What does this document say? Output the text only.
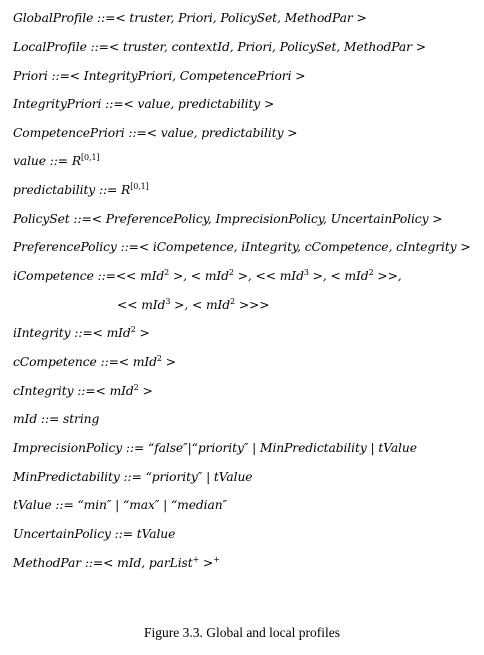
GlobalProfile ::=< truster, Priori, PolicySet, MethodPar >
LocalProfile ::=< truster, contextId, Priori, PolicySet, MethodPar >
Priori ::=< IntegrityPriori, CompetencePriori >
IntegrityPriori ::=< value, predictability >
CompetencePriori ::=< value, predictability >
value ::= R[0,1]
predictability ::= R[0,1]
PolicySet ::=< PreferencePolicy, ImprecisionPolicy, UncertainPolicy >
PreferencePolicy ::=< iCompetence, iIntegrity, cCompetence, cIntegrity >
iCompetence ::=<< mId$^2$ >, < mId$^2$ >, << mId$^3$ >, < mId$^2$ >>,
<< mId$^3$ >, < mId$^2$ >>>
iIntegrity ::=< mId$^2$ >
cCompetence ::=< mId$^2$ >
cIntegrity ::=< mId$^2$ >
mId ::= string
ImprecisionPolicy ::= “false″|“priority″ | MinPredictability | tValue
MinPredictability ::= “priority″ | tValue
tValue ::= “min″ | “max″ | “median″
UncertainPolicy ::= tValue
MethodPar ::=< mId, parList+ >+
Figure 3.3. Global and local profiles
